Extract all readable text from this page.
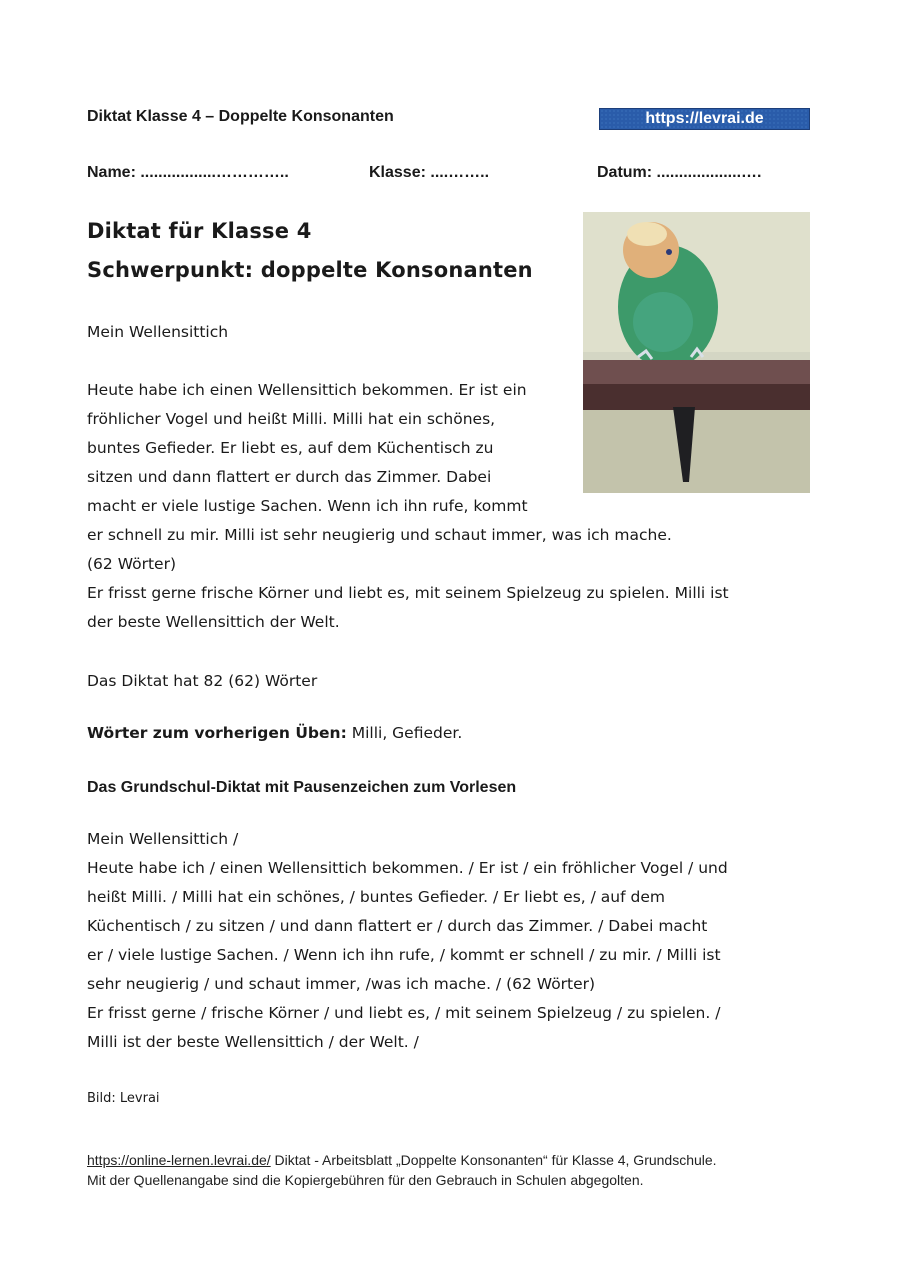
Diktat Klasse 4 – Doppelte Konsonanten	https://levrai.de
Name: .................…………..	Klasse: ....……..	Datum: ...................….
Diktat für Klasse 4
Schwerpunkt: doppelte Konsonanten
Mein Wellensittich
Heute habe ich einen Wellensittich bekommen. Er ist ein
fröhlicher Vogel und heißt Milli. Milli hat ein schönes,
buntes Gefieder. Er liebt es, auf dem Küchentisch zu
sitzen und dann flattert er durch das Zimmer. Dabei
macht er viele lustige Sachen. Wenn ich ihn rufe, kommt
er schnell zu mir. Milli ist sehr neugierig und schaut immer, was ich mache.
(62 Wörter)
Er frisst gerne frische Körner und liebt es, mit seinem Spielzeug zu spielen. Milli ist
der beste Wellensittich der Welt.
Das Diktat hat 82 (62) Wörter
Wörter zum vorherigen Üben: Milli, Gefieder.
Das Grundschul-Diktat mit Pausenzeichen zum Vorlesen
Mein Wellensittich /
Heute habe ich / einen Wellensittich bekommen. / Er ist / ein fröhlicher Vogel / und
heißt Milli. / Milli hat ein schönes, / buntes Gefieder. / Er liebt es, / auf dem
Küchentisch / zu sitzen / und dann flattert er / durch das Zimmer. / Dabei macht
er / viele lustige Sachen. / Wenn ich ihn rufe, / kommt er schnell / zu mir. / Milli ist
sehr neugierig / und schaut immer, /was ich mache. / (62 Wörter)
Er frisst gerne / frische Körner / und liebt es, / mit seinem Spielzeug / zu spielen. /
Milli ist der beste Wellensittich / der Welt. /
Bild: Levrai
https://online-lernen.levrai.de/ Diktat - Arbeitsblatt „Doppelte Konsonanten“ für Klasse 4, Grundschule.
Mit der Quellenangabe sind die Kopiergebühren für den Gebrauch in Schulen abgegolten.
